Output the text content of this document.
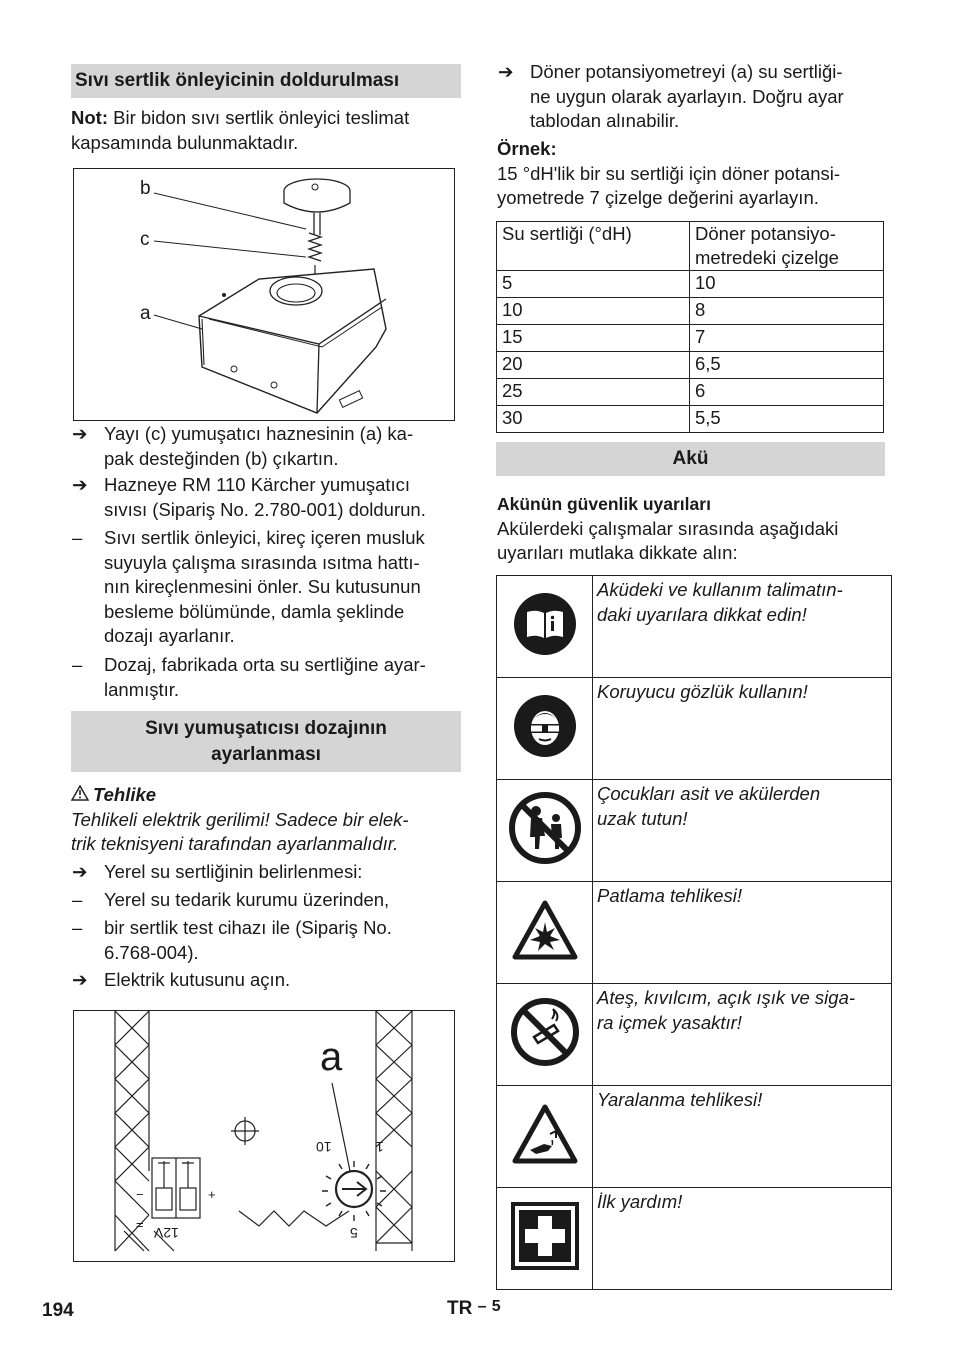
Sıvı sertlik önleyicinin doldurulması
Not: Bir bidon sıvı sertlik önleyici teslimat
kapsamında bulunmaktadır.
b
c
a
➔ Yayı (c) yumuşatıcı haznesinin (a) ka-
pak desteğinden (b) çıkartın.
➔ Hazneye RM 110 Kärcher yumuşatıcı
sıvısı (Sipariş No. 2.780-001) doldurun.
– Sıvı sertlik önleyici, kireç içeren musluk
suyuyla çalışma sırasında ısıtma hattı-
nın kireçlenmesini önler. Su kutusunun
besleme bölümünde, damla şeklinde
dozajı ayarlanır.
– Dozaj, fabrikada orta su sertliğine ayar-
lanmıştır.
Sıvı yumuşatıcısı dozajının
ayarlanması
Tehlike
Tehlikeli elektrik gerilimi! Sadece bir elek-
trik teknisyeni tarafından ayarlanmalıdır.
➔ Yerel su sertliğinin belirlenmesi:
– Yerel su tedarik kurumu üzerinden,
– bir sertlik test cihazı ile (Sipariş No.
6.768-004).
➔ Elektrik kutusunu açın.
a
10	1
5
12V
−	+
=
➔ Döner potansiyometreyi (a) su sertliği-
ne uygun olarak ayarlayın. Doğru ayar
tablodan alınabilir.
Örnek:
15 °dH'lik bir su sertliği için döner potansi-
yometrede 7 çizelge değerini ayarlayın.
Su sertliği (°dH)	Döner potansiyo-
metredeki çizelge
5	10
10	8
15	7
20	6,5
25	6
30	5,5
Akü
Akünün güvenlik uyarıları
Akülerdeki çalışmalar sırasında aşağıdaki
uyarıları mutlaka dikkate alın:
	Aküdeki ve kullanım talimatın-
daki uyarılara dikkat edin!
	Koruyucu gözlük kullanın!

	Çocukları asit ve akülerden
uzak tutun!
	Patlama tehlikesi!

	Ateş, kıvılcım, açık ışık ve siga-
ra içmek yasaktır!
	Yaralanma tehlikesi!

	İlk yardım!

194	TR – 5
